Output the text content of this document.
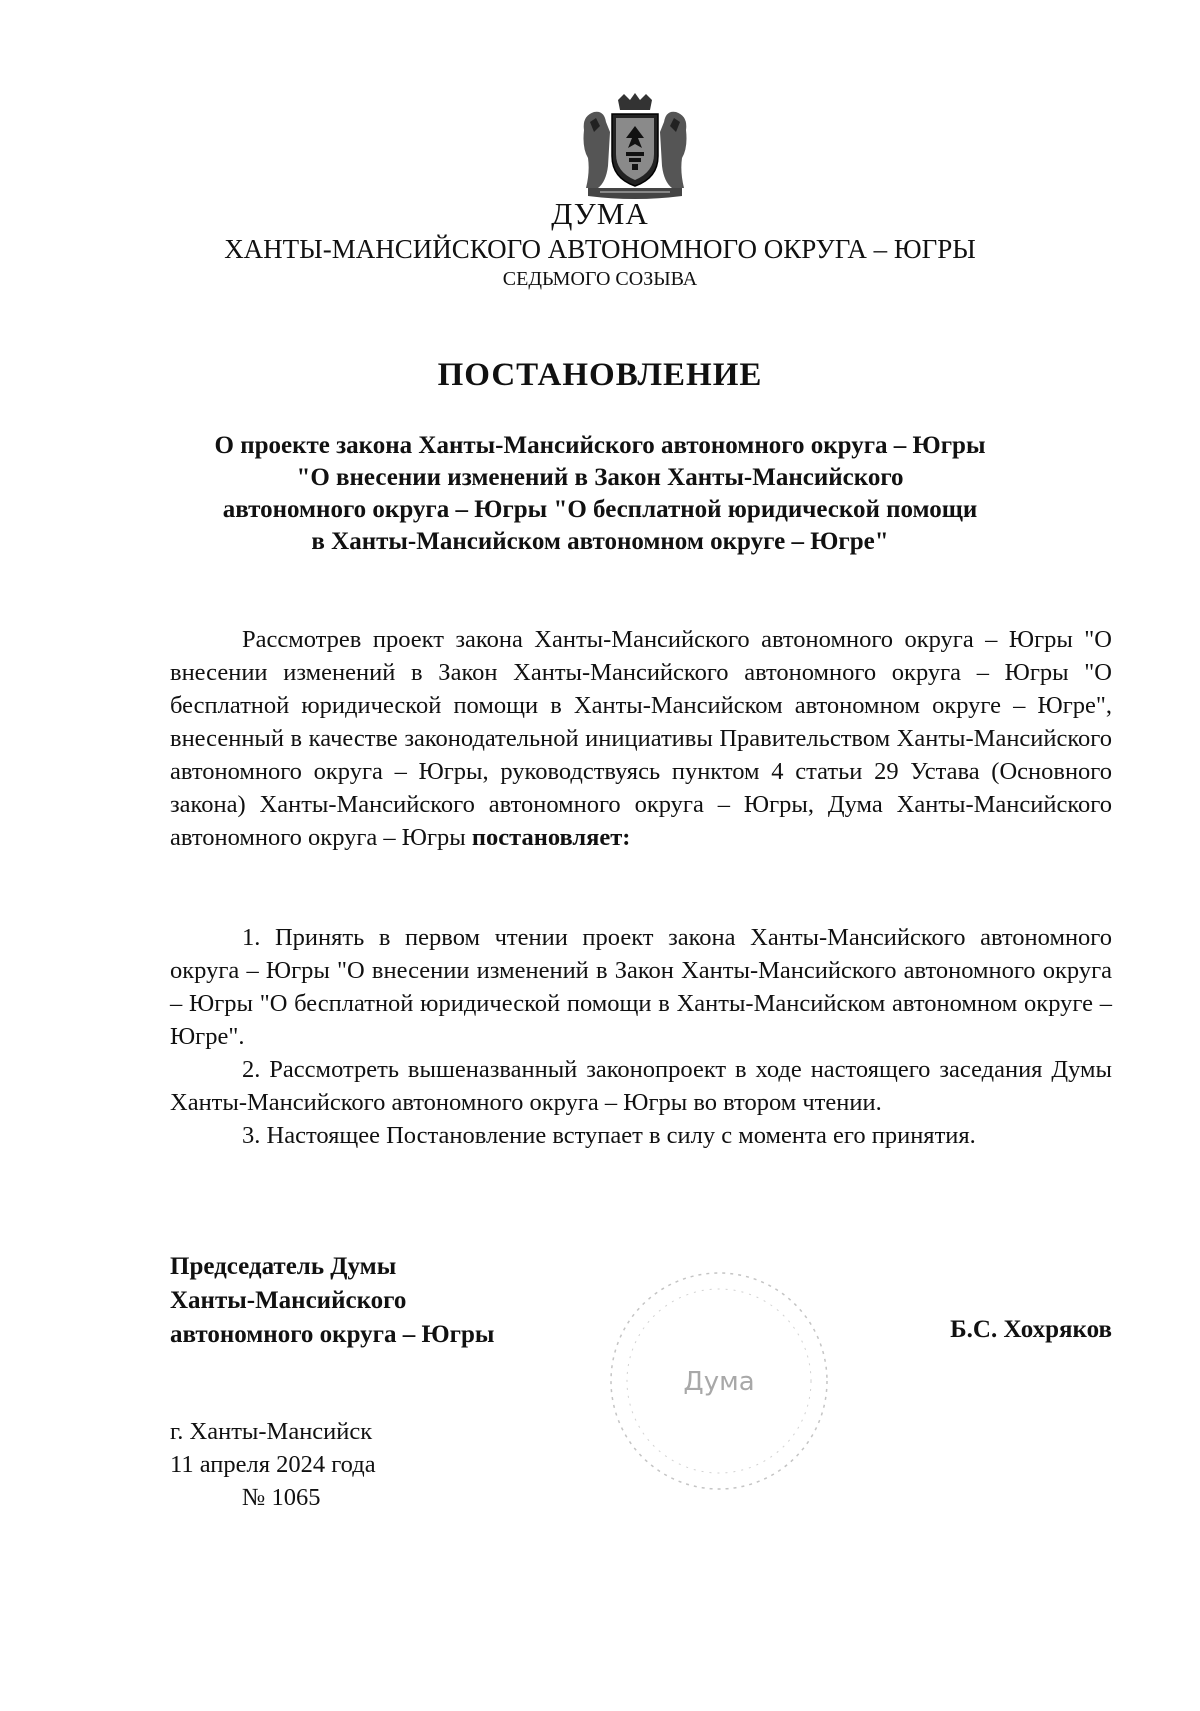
ДУМА
ХАНТЫ-МАНСИЙСКОГО АВТОНОМНОГО ОКРУГА – ЮГРЫ
СЕДЬМОГО СОЗЫВА
ПОСТАНОВЛЕНИЕ
О проекте закона Ханты-Мансийского автономного округа – Югры
"О внесении изменений в Закон Ханты-Мансийского
автономного округа – Югры "О бесплатной юридической помощи
в Ханты-Мансийском автономном округе – Югре"

Рассмотрев проект закона Ханты-Мансийского автономного округа – Югры "О внесении изменений в Закон Ханты-Мансийского автономного округа – Югры "О бесплатной юридической помощи в Ханты-Мансийском автономном округе – Югре", внесенный в качестве законодательной инициативы Правительством Ханты-Мансийского автономного округа – Югры, руководствуясь пунктом 4 статьи 29 Устава (Основного закона) Ханты-Мансийского автономного округа – Югры, Дума Ханты-Мансийского автономного округа – Югры постановляет:

1. Принять в первом чтении проект закона Ханты-Мансийского автономного округа – Югры "О внесении изменений в Закон Ханты-Мансийского автономного округа – Югры "О бесплатной юридической помощи в Ханты-Мансийском автономном округе – Югре".

2. Рассмотреть вышеназванный законопроект в ходе настоящего заседания Думы Ханты-Мансийского автономного округа – Югры во втором чтении.

3. Настоящее Постановление вступает в силу с момента его принятия.

Председатель Думы
Ханты-Мансийского
автономного округа – Югры
Дума
Б.С. Хохряков
г. Ханты-Мансийск
11 апреля 2024 года
№ 1065
